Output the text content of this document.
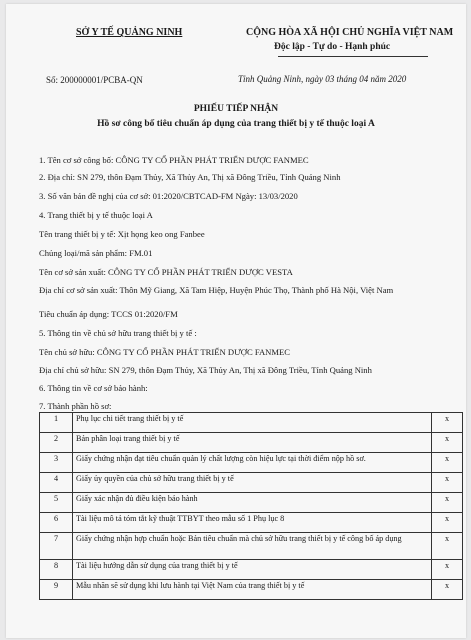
SỞ Y TẾ QUẢNG NINH	CỘNG HÒA XÃ HỘI CHỦ NGHĨA VIỆT NAM
Độc lập - Tự do - Hạnh phúc
Số: 200000001/PCBA-QN	Tỉnh Quảng Ninh, ngày 03 tháng 04 năm 2020
PHIẾU TIẾP NHẬN
Hồ sơ công bố tiêu chuẩn áp dụng của trang thiết bị y tế thuộc loại A
1. Tên cơ sở công bố: CÔNG TY CỔ PHẦN PHÁT TRIỂN DƯỢC FANMEC
2. Địa chỉ: SN 279, thôn Đạm Thủy, Xã Thủy An, Thị xã Đông Triều, Tỉnh Quảng Ninh
3. Số văn bản đề nghị của cơ sở: 01:2020/CBTCAD-FM Ngày: 13/03/2020
4. Trang thiết bị y tế thuộc loại A
Tên trang thiết bị y tế: Xịt họng keo ong Fanbee
Chủng loại/mã sản phẩm: FM.01
Tên cơ sở sản xuất: CÔNG TY CỔ PHẦN PHÁT TRIỂN DƯỢC VESTA
Địa chỉ cơ sở sản xuất: Thôn Mỹ Giang, Xã Tam Hiệp, Huyện Phúc Thọ, Thành phố Hà Nội, Việt Nam
Tiêu chuẩn áp dụng: TCCS 01:2020/FM
5. Thông tin về chủ sở hữu trang thiết bị y tế :
Tên chủ sở hữu: CÔNG TY CỔ PHẦN PHÁT TRIỂN DƯỢC FANMEC
Địa chỉ chủ sở hữu: SN 279, thôn Đạm Thủy, Xã Thủy An, Thị xã Đông Triều, Tỉnh Quảng Ninh
6. Thông tin về cơ sở bảo hành:
7. Thành phần hồ sơ:
1	Phụ lục chi tiết trang thiết bị y tế	x
2	Bản phân loại trang thiết bị y tế	x
3	Giấy chứng nhận đạt tiêu chuẩn quản lý chất lượng còn hiệu lực tại thời điểm nộp hồ sơ.	x
4	Giấy ủy quyền của chủ sở hữu trang thiết bị y tế	x
5	Giấy xác nhận đủ điều kiện bảo hành	x
6	Tài liệu mô tả tóm tắt kỹ thuật TTBYT theo mẫu số 1 Phụ lục 8	x
7	Giấy chứng nhận hợp chuẩn hoặc Bản tiêu chuẩn mà chủ sở hữu trang thiết bị y tế công bố áp dụng	x
8	Tài liệu hướng dẫn sử dụng của trang thiết bị y tế	x
9	Mẫu nhãn sẽ sử dụng khi lưu hành tại Việt Nam của trang thiết bị y tế	x
